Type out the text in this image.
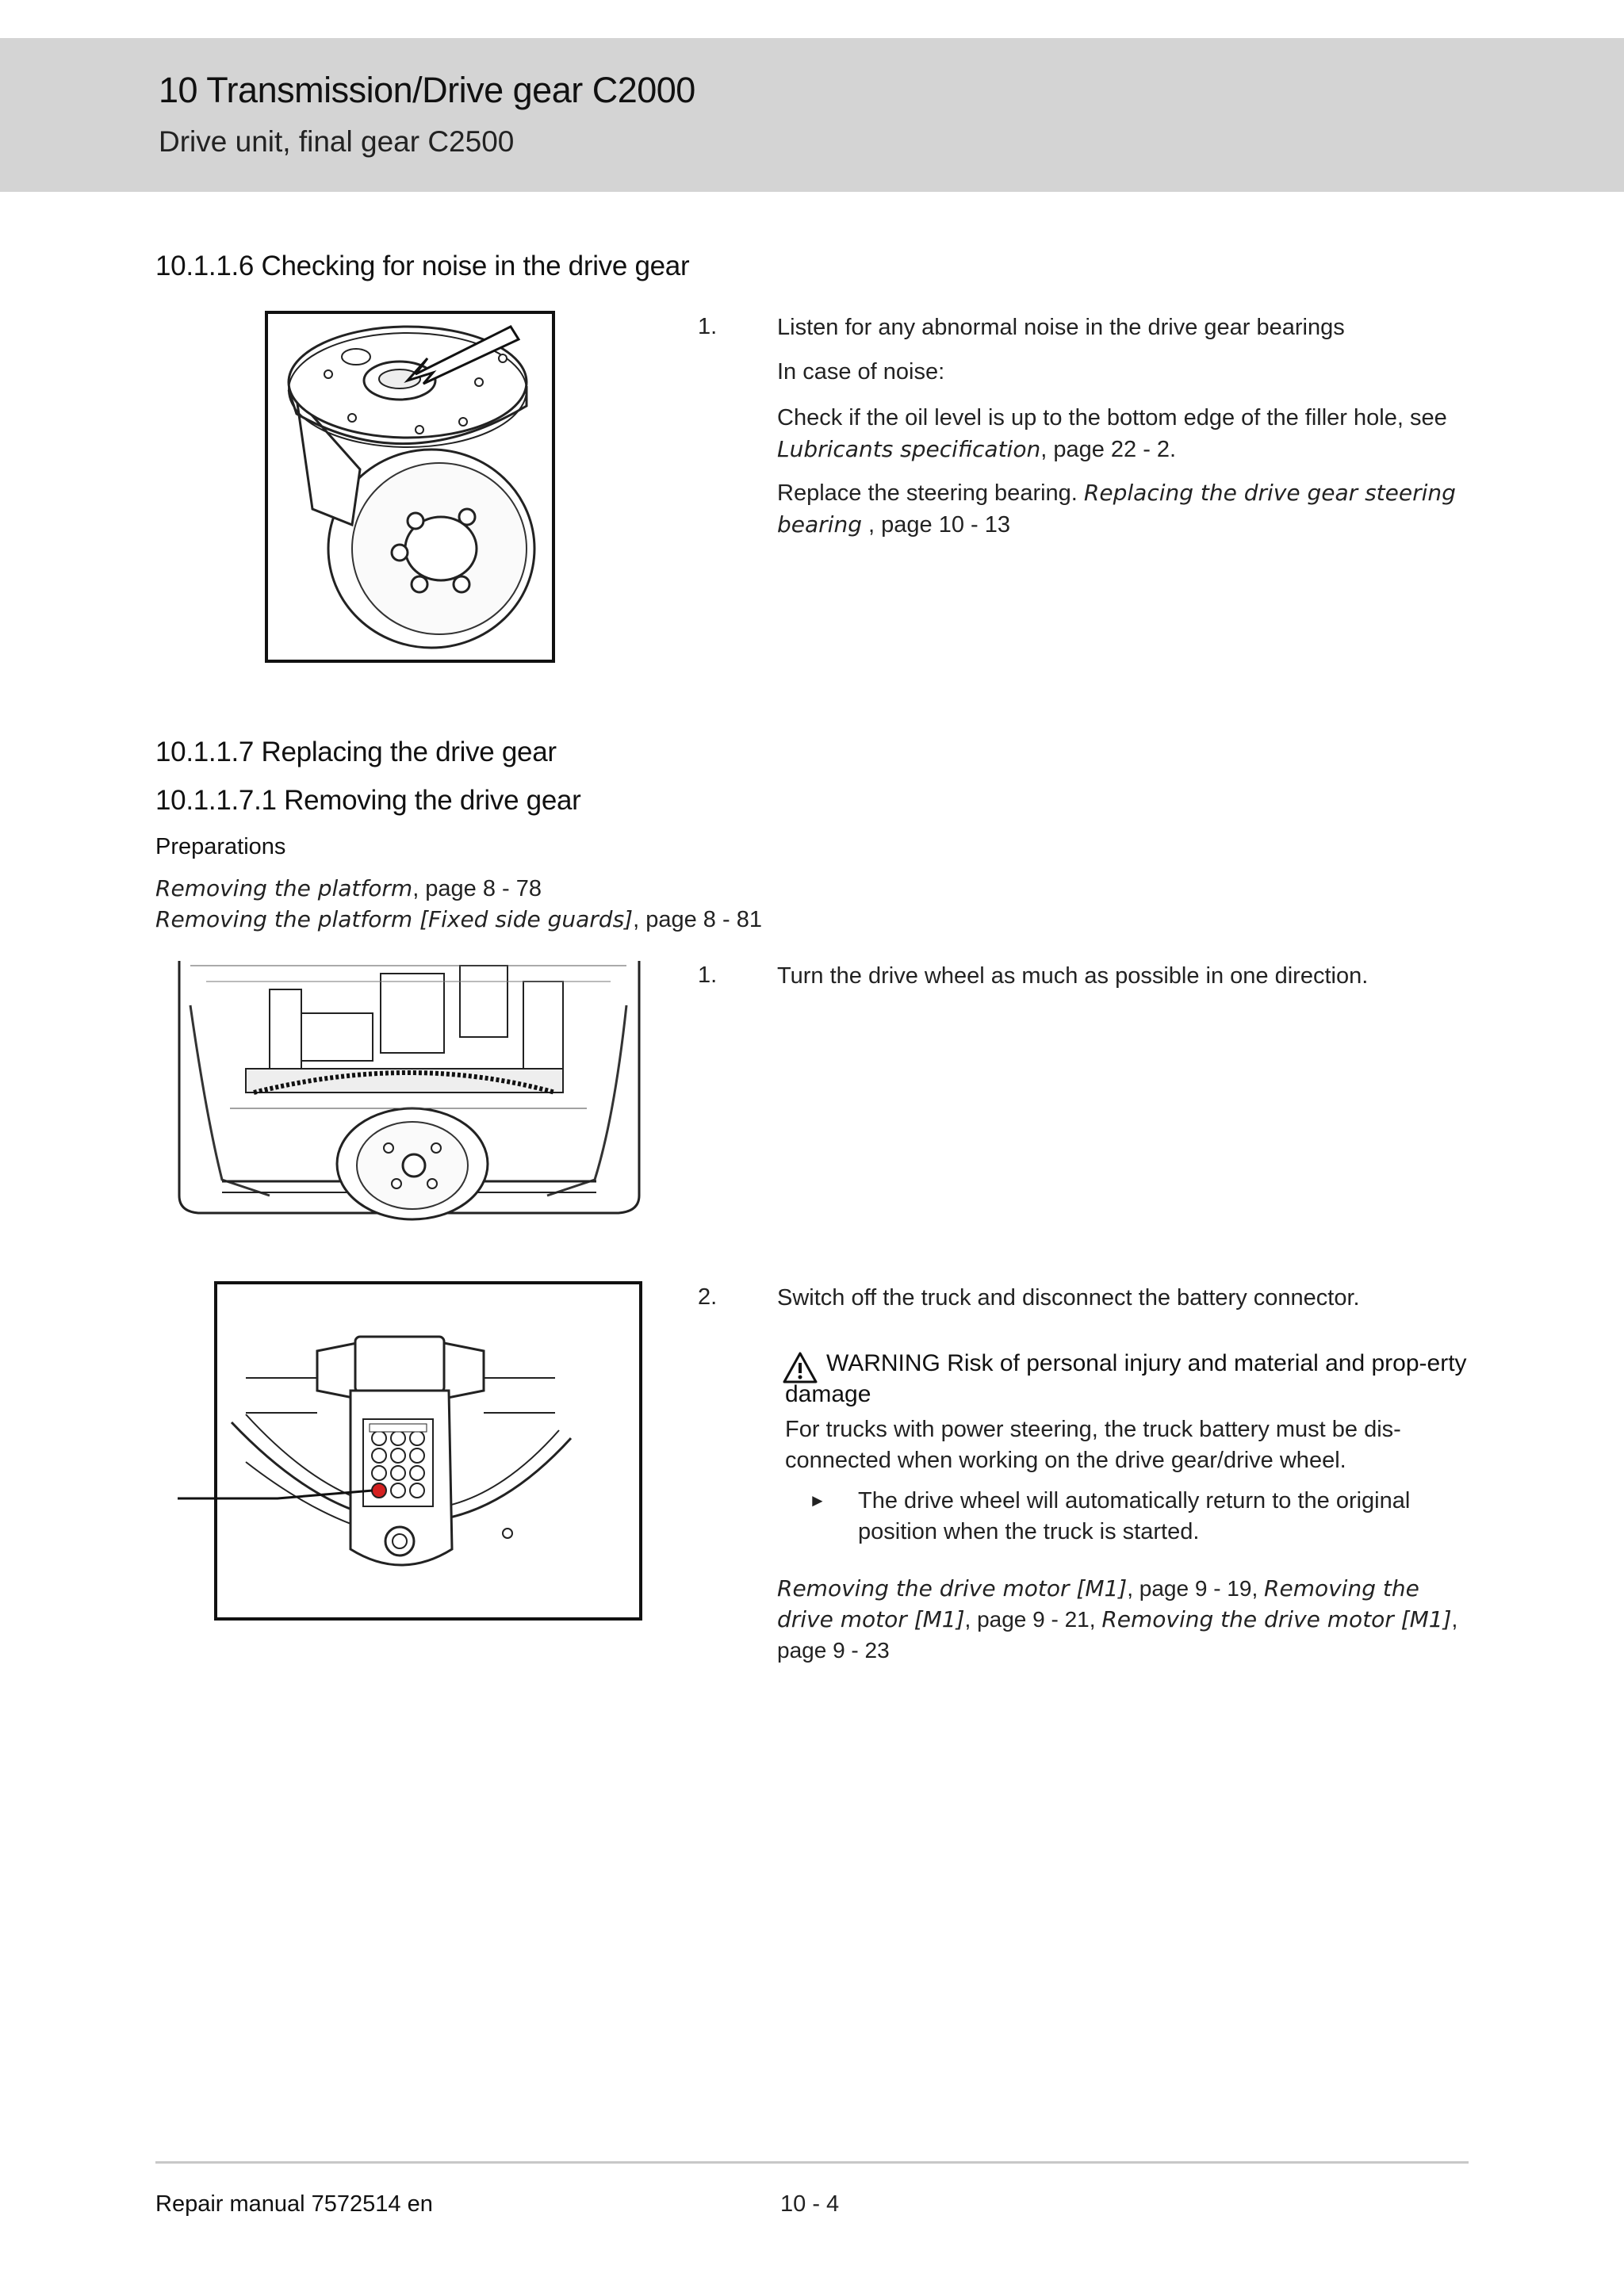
10 Transmission/Drive gear C2000
Drive unit, final gear C2500
10.1.1.6 Checking for noise in the drive gear
1.	Listen for any abnormal noise in the drive gear bearings
In case of noise:
Check if the oil level is up to the bottom edge of the filler hole, see Lubricants specification, page 22 - 2.
Replace the steering bearing. Replacing the drive gear steering bearing , page 10 - 13
10.1.1.7 Replacing the drive gear
10.1.1.7.1 Removing the drive gear
Preparations
Removing the platform, page 8 - 78
Removing the platform [Fixed side guards], page 8 - 81
1.	Turn the drive wheel as much as possible in one direction.
2.	Switch off the truck and disconnect the battery connector.
WARNING Risk of personal injury and material and prop-erty damage
For trucks with power steering, the truck battery must be dis-connected when working on the drive gear/drive wheel.
► The drive wheel will automatically return to the original position when the truck is started.
Removing the drive motor [M1], page 9 - 19, Removing the drive motor [M1], page 9 - 21, Removing the drive motor [M1], page 9 - 23
Repair manual 7572514 en	10 - 4
